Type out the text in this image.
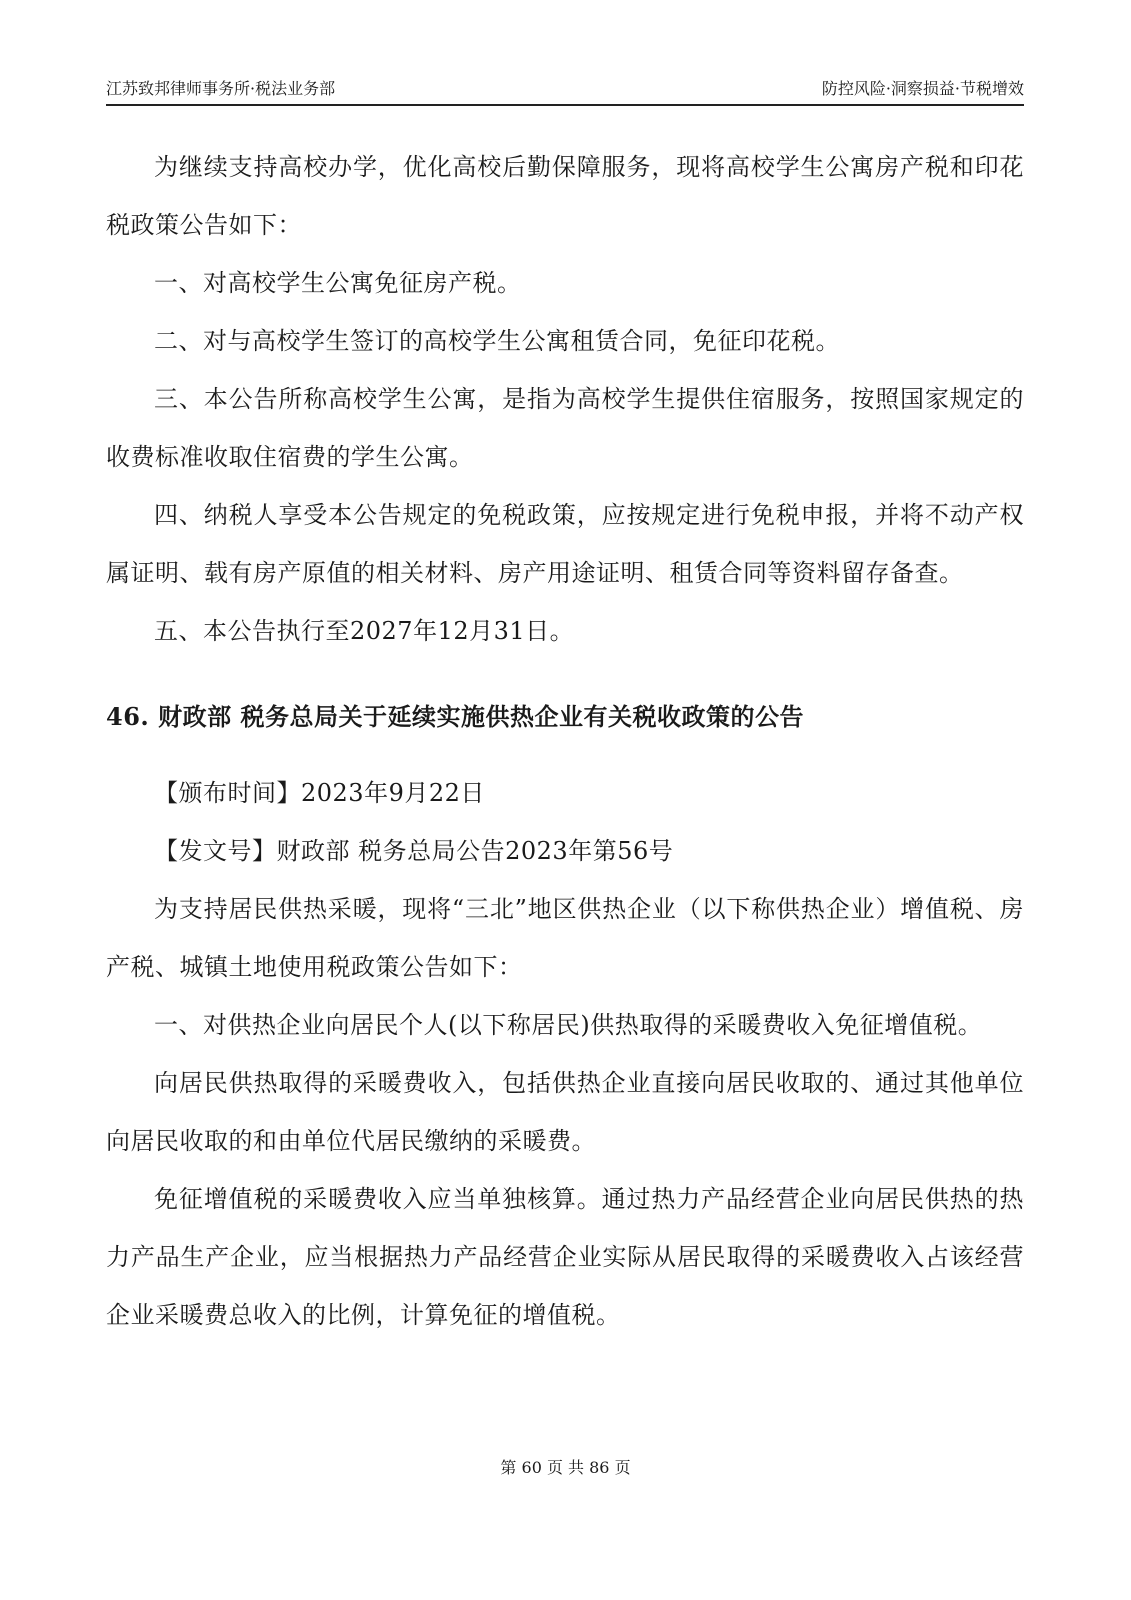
江苏致邦律师事务所·税法业务部	防控风险·洞察损益·节税增效

为继续支持高校办学，优化高校后勤保障服务，现将高校学生公寓房产税和印花税政策公告如下：

一、对高校学生公寓免征房产税。

二、对与高校学生签订的高校学生公寓租赁合同，免征印花税。

三、本公告所称高校学生公寓，是指为高校学生提供住宿服务，按照国家规定的收费标准收取住宿费的学生公寓。

四、纳税人享受本公告规定的免税政策，应按规定进行免税申报，并将不动产权属证明、载有房产原值的相关材料、房产用途证明、租赁合同等资料留存备查。

五、本公告执行至2027年12月31日。

46. 财政部 税务总局关于延续实施供热企业有关税收政策的公告

【颁布时间】2023年9月22日

【发文号】财政部 税务总局公告2023年第56号

为支持居民供热采暖，现将“三北”地区供热企业（以下称供热企业）增值税、房产税、城镇土地使用税政策公告如下：

一、对供热企业向居民个人(以下称居民)供热取得的采暖费收入免征增值税。

向居民供热取得的采暖费收入，包括供热企业直接向居民收取的、通过其他单位向居民收取的和由单位代居民缴纳的采暖费。

免征增值税的采暖费收入应当单独核算。通过热力产品经营企业向居民供热的热力产品生产企业，应当根据热力产品经营企业实际从居民取得的采暖费收入占该经营企业采暖费总收入的比例，计算免征的增值税。

第 60 页 共 86 页
